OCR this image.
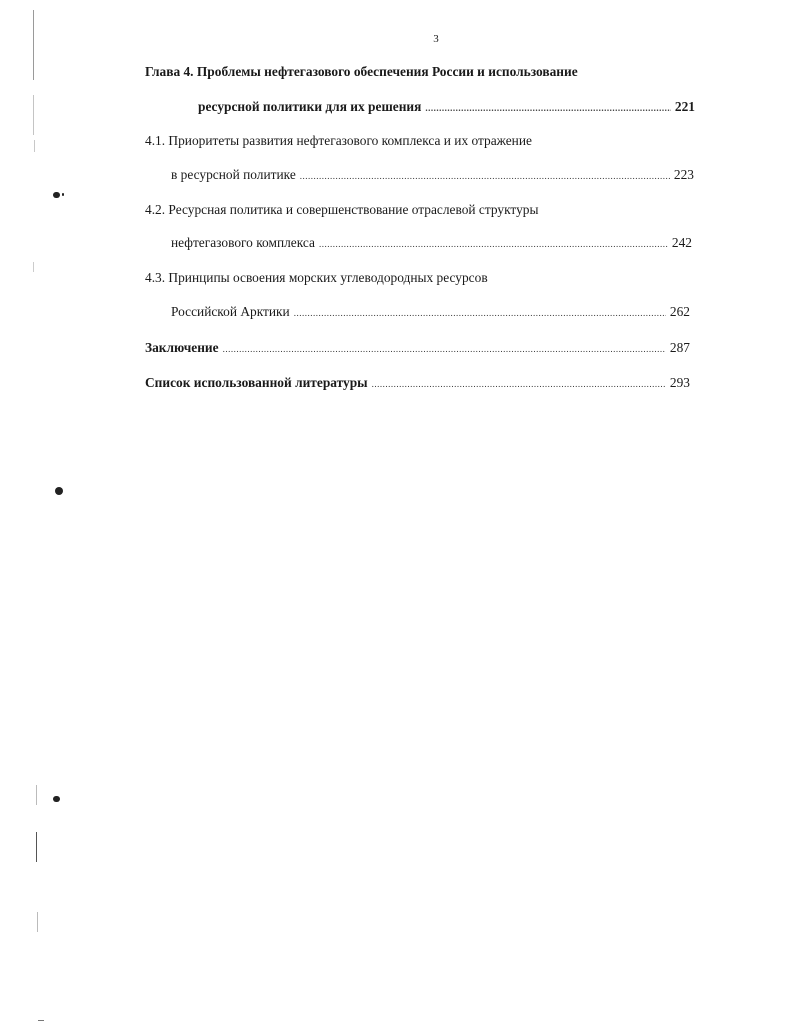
3
Глава 4. Проблемы нефтегазового обеспечения России и использование
ресурсной политики для их решения .....	221
4.1. Приоритеты развития нефтегазового комплекса и их отражение
в ресурсной политике .....	223
4.2. Ресурсная политика и совершенствование отраслевой структуры
нефтегазового комплекса .....	242
4.3. Принципы освоения морских углеводородных ресурсов
Российской Арктики .....	262
Заключение .....	287
Список использованной литературы .....	293
